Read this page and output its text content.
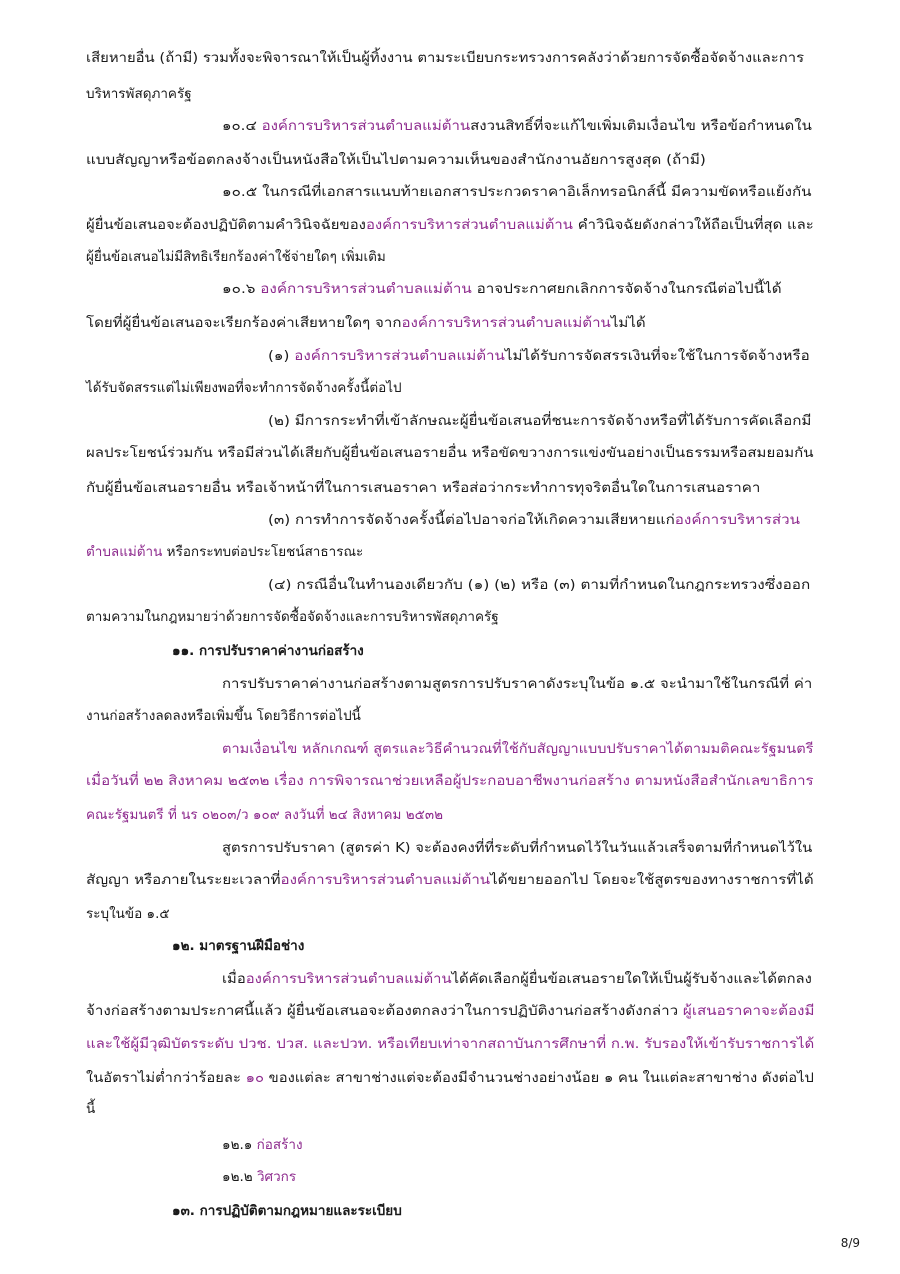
เสียหายอื่น (ถ้ามี) รวมทั้งจะพิจารณาให้เป็นผู้ทิ้งงาน ตามระเบียบกระทรวงการคลังว่าด้วยการจัดซื้อจัดจ้างและการ
บริหารพัสดุภาครัฐ
๑๐.๔ องค์การบริหารส่วนตำบลแม่ต้านสงวนสิทธิ์ที่จะแก้ไขเพิ่มเติมเงื่อนไข หรือข้อกำหนดใน
แบบสัญญาหรือข้อตกลงจ้างเป็นหนังสือให้เป็นไปตามความเห็นของสำนักงานอัยการสูงสุด (ถ้ามี)
๑๐.๕ ในกรณีที่เอกสารแนบท้ายเอกสารประกวดราคาอิเล็กทรอนิกส์นี้ มีความขัดหรือแย้งกัน
ผู้ยื่นข้อเสนอจะต้องปฏิบัติตามคำวินิจฉัยขององค์การบริหารส่วนตำบลแม่ต้าน คำวินิจฉัยดังกล่าวให้ถือเป็นที่สุด และ
ผู้ยื่นข้อเสนอไม่มีสิทธิเรียกร้องค่าใช้จ่ายใดๆ เพิ่มเติม
๑๐.๖ องค์การบริหารส่วนตำบลแม่ต้าน อาจประกาศยกเลิกการจัดจ้างในกรณีต่อไปนี้ได้
โดยที่ผู้ยื่นข้อเสนอจะเรียกร้องค่าเสียหายใดๆ จากองค์การบริหารส่วนตำบลแม่ต้านไม่ได้
(๑) องค์การบริหารส่วนตำบลแม่ต้านไม่ได้รับการจัดสรรเงินที่จะใช้ในการจัดจ้างหรือ
ได้รับจัดสรรแต่ไม่เพียงพอที่จะทำการจัดจ้างครั้งนี้ต่อไป
(๒) มีการกระทำที่เข้าลักษณะผู้ยื่นข้อเสนอที่ชนะการจัดจ้างหรือที่ได้รับการคัดเลือกมี
ผลประโยชน์ร่วมกัน หรือมีส่วนได้เสียกับผู้ยื่นข้อเสนอรายอื่น หรือขัดขวางการแข่งขันอย่างเป็นธรรมหรือสมยอมกัน
กับผู้ยื่นข้อเสนอรายอื่น หรือเจ้าหน้าที่ในการเสนอราคา หรือส่อว่ากระทำการทุจริตอื่นใดในการเสนอราคา
(๓) การทำการจัดจ้างครั้งนี้ต่อไปอาจก่อให้เกิดความเสียหายแก่องค์การบริหารส่วน
ตำบลแม่ต้าน หรือกระทบต่อประโยชน์สาธารณะ
(๔) กรณีอื่นในทำนองเดียวกับ (๑) (๒) หรือ (๓) ตามที่กำหนดในกฎกระทรวงซึ่งออก
ตามความในกฎหมายว่าด้วยการจัดซื้อจัดจ้างและการบริหารพัสดุภาครัฐ
๑๑. การปรับราคาค่างานก่อสร้าง
การปรับราคาค่างานก่อสร้างตามสูตรการปรับราคาดังระบุในข้อ ๑.๕ จะนำมาใช้ในกรณีที่ ค่า
งานก่อสร้างลดลงหรือเพิ่มขึ้น โดยวิธีการต่อไปนี้
ตามเงื่อนไข หลักเกณฑ์ สูตรและวิธีคำนวณที่ใช้กับสัญญาแบบปรับราคาได้ตามมติคณะรัฐมนตรี
เมื่อวันที่ ๒๒ สิงหาคม ๒๕๓๒ เรื่อง การพิจารณาช่วยเหลือผู้ประกอบอาชีพงานก่อสร้าง ตามหนังสือสำนักเลขาธิการ
คณะรัฐมนตรี ที่ นร ๐๒๐๓/ว ๑๐๙ ลงวันที่ ๒๔ สิงหาคม ๒๕๓๒
สูตรการปรับราคา (สูตรค่า K) จะต้องคงที่ที่ระดับที่กำหนดไว้ในวันแล้วเสร็จตามที่กำหนดไว้ใน
สัญญา หรือภายในระยะเวลาที่องค์การบริหารส่วนตำบลแม่ต้านได้ขยายออกไป โดยจะใช้สูตรของทางราชการที่ได้
ระบุในข้อ ๑.๕
๑๒. มาตรฐานฝีมือช่าง
เมื่อองค์การบริหารส่วนตำบลแม่ต้านได้คัดเลือกผู้ยื่นข้อเสนอรายใดให้เป็นผู้รับจ้างและได้ตกลง
จ้างก่อสร้างตามประกาศนี้แล้ว ผู้ยื่นข้อเสนอจะต้องตกลงว่าในการปฏิบัติงานก่อสร้างดังกล่าว ผู้เสนอราคาจะต้องมี
และใช้ผู้มีวุฒิบัตรระดับ ปวช. ปวส. และปวท. หรือเทียบเท่าจากสถาบันการศึกษาที่ ก.พ. รับรองให้เข้ารับราชการได้
ในอัตราไม่ต่ำกว่าร้อยละ ๑๐ ของแต่ละ สาขาช่างแต่จะต้องมีจำนวนช่างอย่างน้อย ๑ คน ในแต่ละสาขาช่าง ดังต่อไป
นี้
๑๒.๑ ก่อสร้าง
๑๒.๒ วิศวกร
๑๓. การปฏิบัติตามกฎหมายและระเบียบ
8/9
